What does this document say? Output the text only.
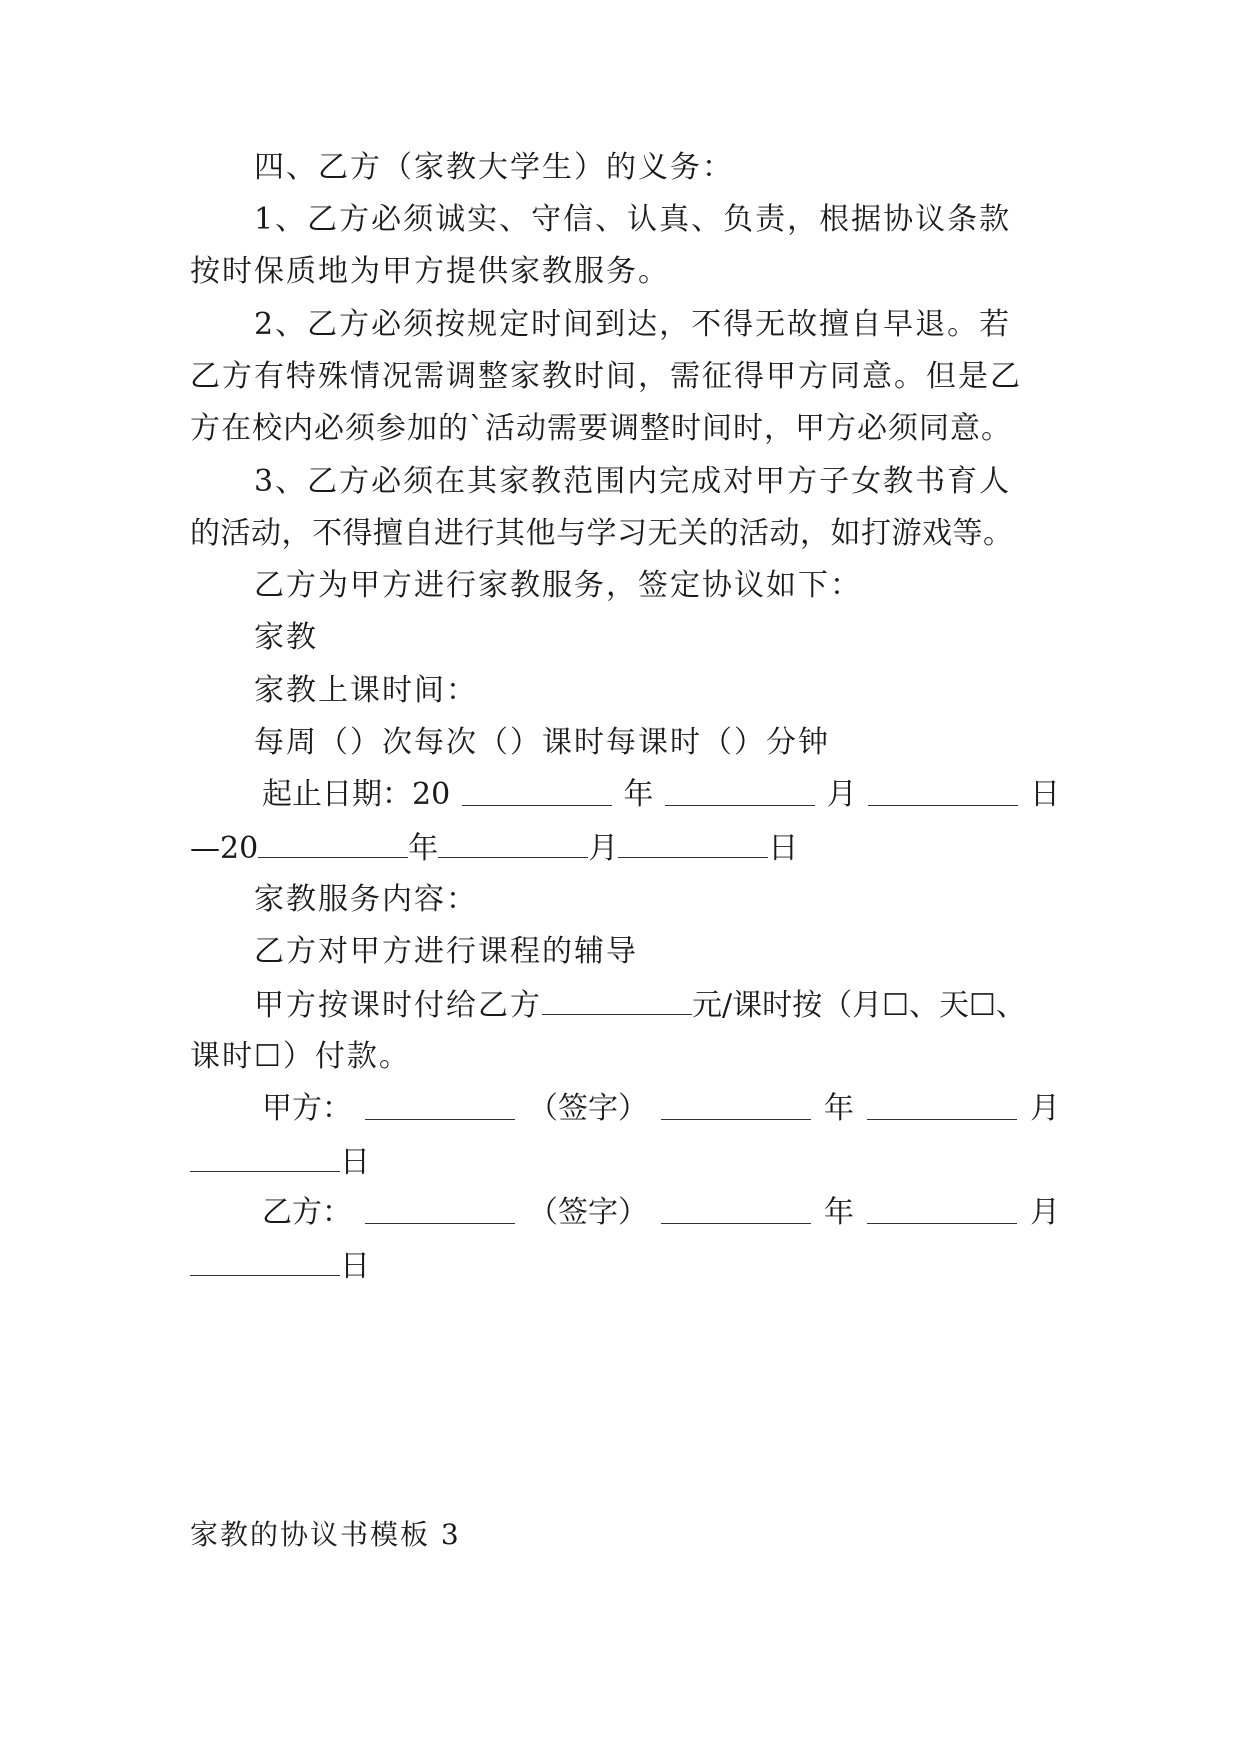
四、乙方（家教大学生）的义务：
1、乙方必须诚实、守信、认真、负责，根据协议条款
按时保质地为甲方提供家教服务。
2、乙方必须按规定时间到达，不得无故擅自早退。若
乙方有特殊情况需调整家教时间，需征得甲方同意。但是乙
方在校内必须参加的`活动需要调整时间时，甲方必须同意。
3、乙方必须在其家教范围内完成对甲方子女教书育人
的活动，不得擅自进行其他与学习无关的活动，如打游戏等。
乙方为甲方进行家教服务，签定协议如下：
家教
家教上课时间：
每周（）次每次（）课时每课时（）分钟
起止日期：20	年	月	日
—20	年	月	日
家教服务内容：
乙方对甲方进行课程的辅导
甲方按课时付给乙方	元/课时按（月☐、天☐、
课时☐）付款。
甲方：	（签字）	年	月
日
乙方：	（签字）	年	月
日
家教的协议书模板 3
